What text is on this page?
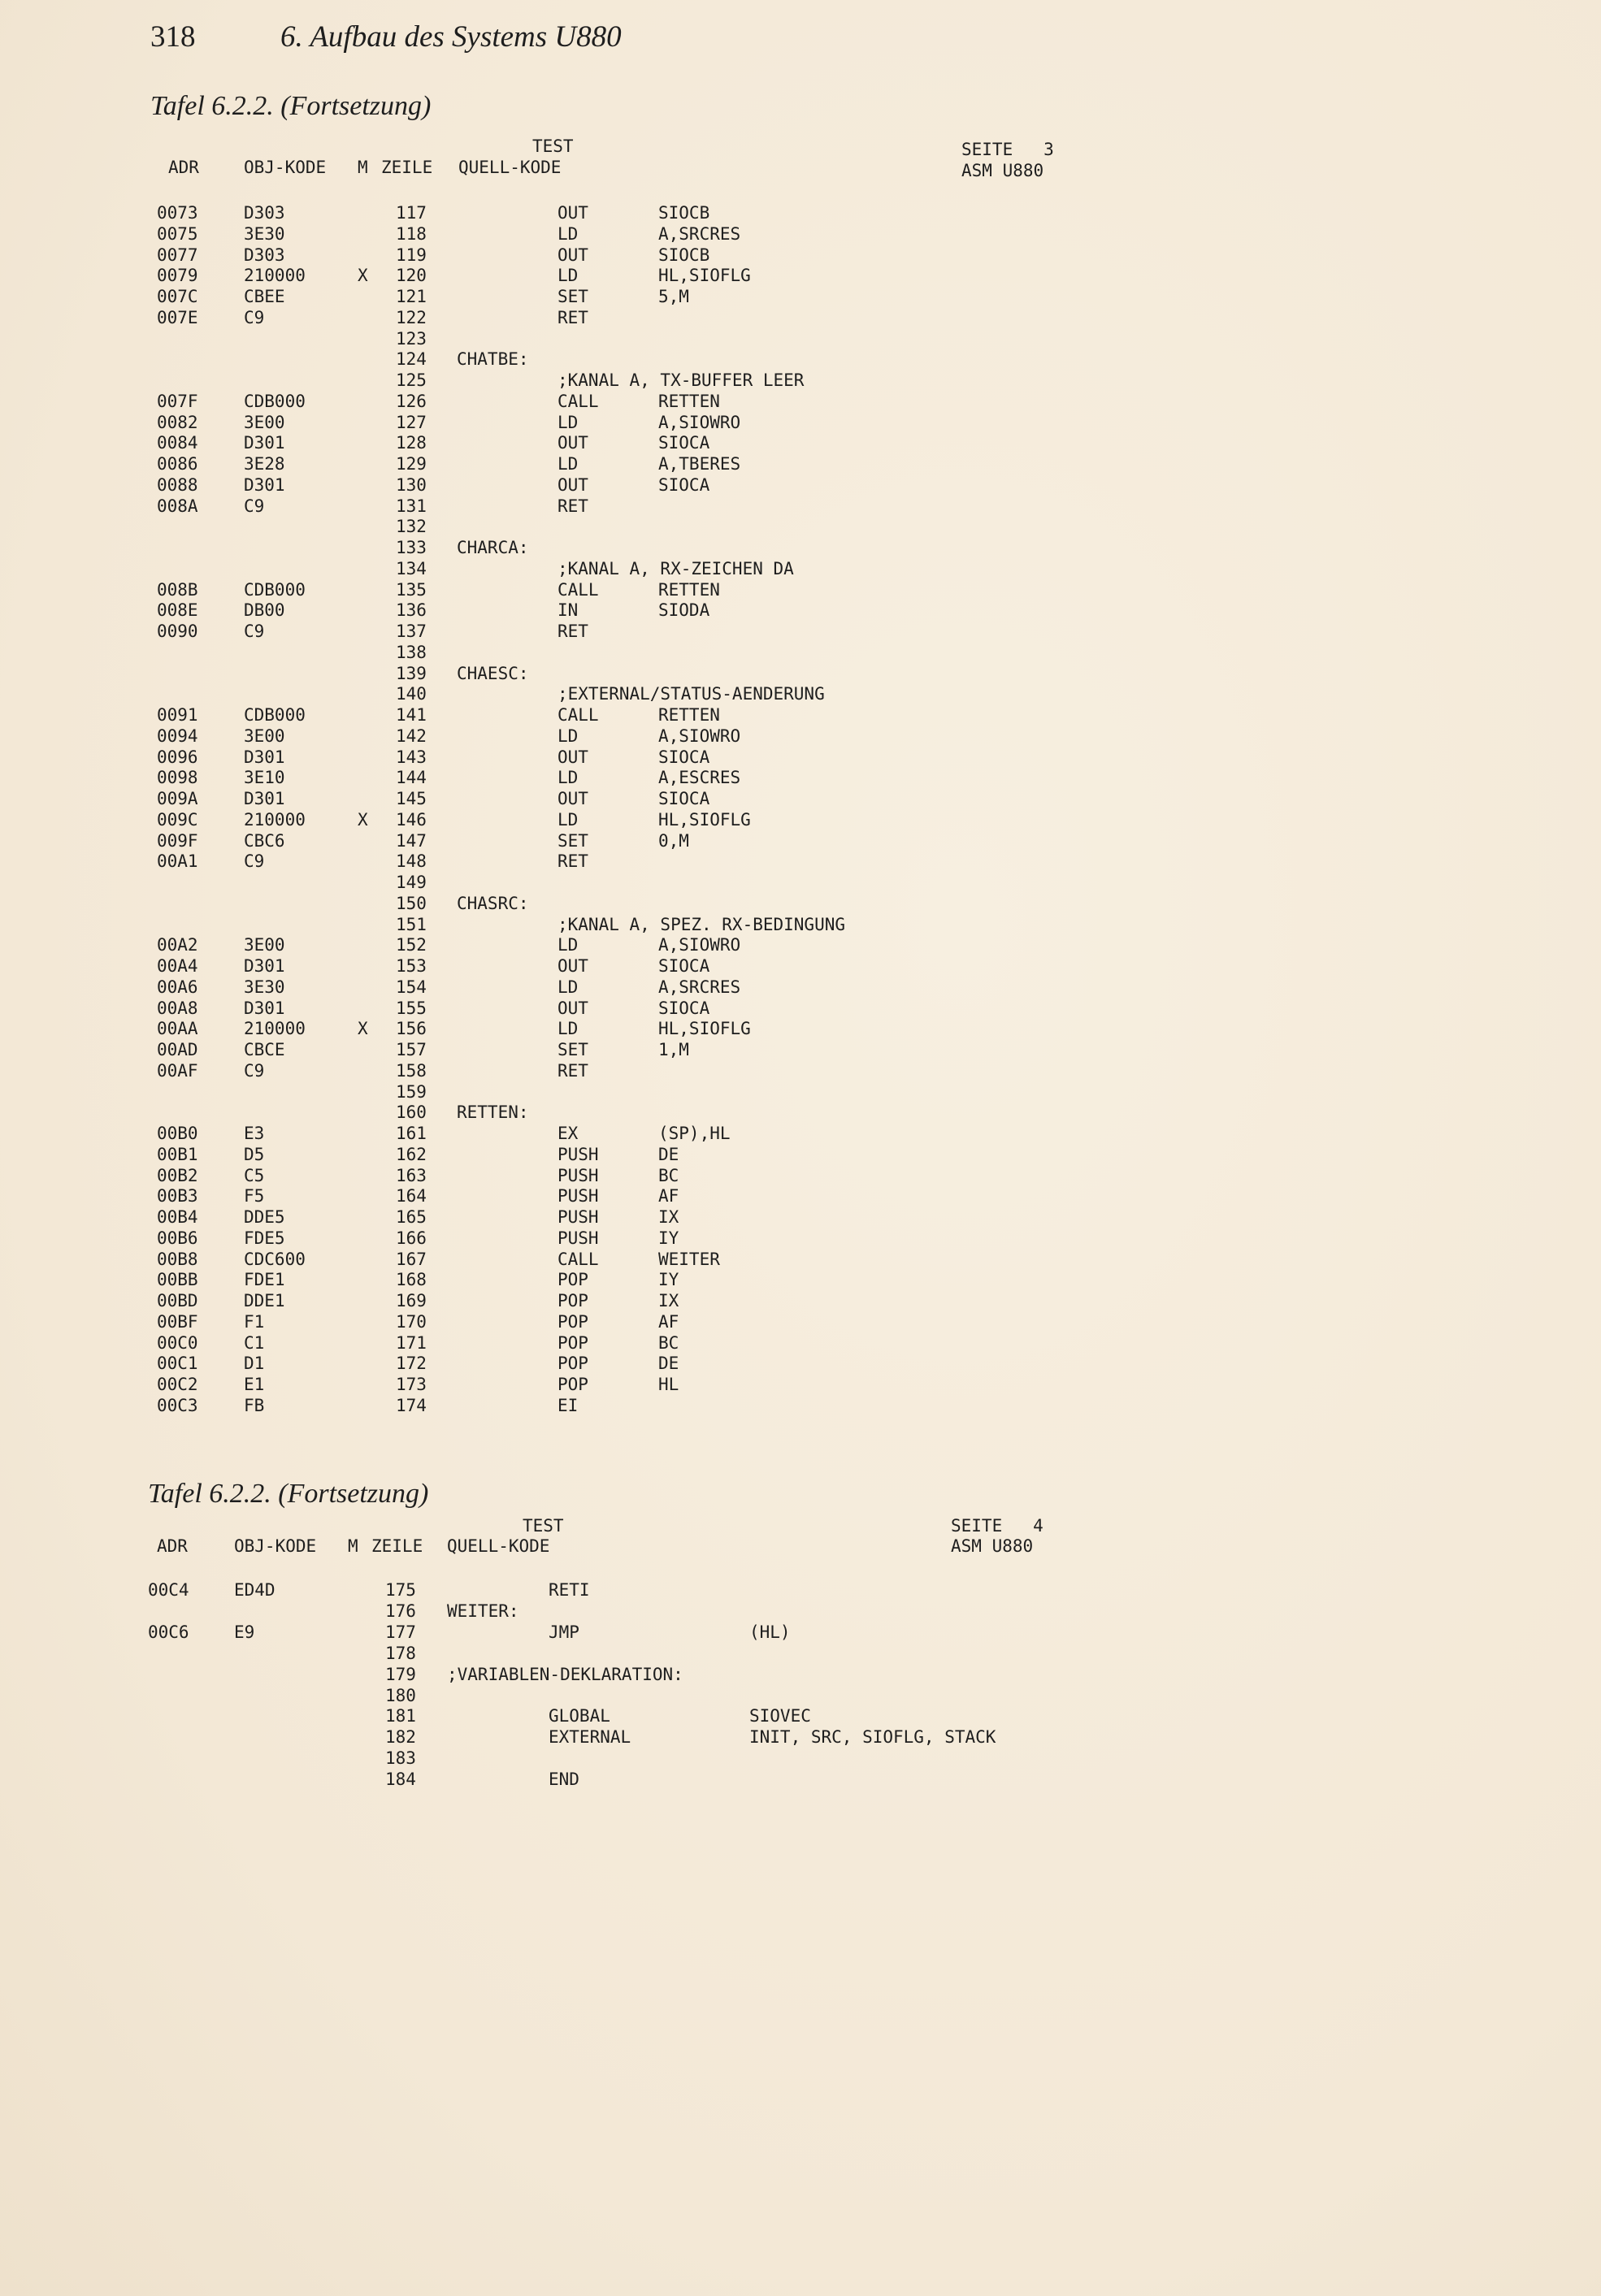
318	6. Aufbau des Systems U880
Tafel 6.2.2. (Fortsetzung)
TEST	SEITE   3
ADR	OBJ-KODE M ZEILE QUELL-KODE	ASM U880
0073	D303	117	OUT	SIOCB
0075	3E30	118	LD	A,SRCRES
0077	D303	119	OUT	SIOCB
0079	210000	X 120	LD	HL,SIOFLG
007C	CBEE	121	SET	5,M
007E	C9	122	RET
123
124 CHATBE:
125	;KANAL A, TX-BUFFER LEER
007F	CDB000	126	CALL	RETTEN
0082	3E00	127	LD	A,SIOWRO
0084	D301	128	OUT	SIOCA
0086	3E28	129	LD	A,TBERES
0088	D301	130	OUT	SIOCA
008A	C9	131	RET
132
133 CHARCA:
134	;KANAL A, RX-ZEICHEN DA
008B	CDB000	135	CALL	RETTEN
008E	DB00	136	IN	SIODA
0090	C9	137	RET
138
139 CHAESC:
140	;EXTERNAL/STATUS-AENDERUNG
0091	CDB000	141	CALL	RETTEN
0094	3E00	142	LD	A,SIOWRO
0096	D301	143	OUT	SIOCA
0098	3E10	144	LD	A,ESCRES
009A	D301	145	OUT	SIOCA
009C	210000	X 146	LD	HL,SIOFLG
009F	CBC6	147	SET	0,M
00A1	C9	148	RET
149
150 CHASRC:
151	;KANAL A, SPEZ. RX-BEDINGUNG
00A2	3E00	152	LD	A,SIOWRO
00A4	D301	153	OUT	SIOCA
00A6	3E30	154	LD	A,SRCRES
00A8	D301	155	OUT	SIOCA
00AA	210000	X 156	LD	HL,SIOFLG
00AD	CBCE	157	SET	1,M
00AF	C9	158	RET
159
160 RETTEN:
00B0	E3	161	EX	(SP),HL
00B1	D5	162	PUSH	DE
00B2	C5	163	PUSH	BC
00B3	F5	164	PUSH	AF
00B4	DDE5	165	PUSH	IX
00B6	FDE5	166	PUSH	IY
00B8	CDC600	167	CALL	WEITER
00BB	FDE1	168	POP	IY
00BD	DDE1	169	POP	IX
00BF	F1	170	POP	AF
00C0	C1	171	POP	BC
00C1	D1	172	POP	DE
00C2	E1	173	POP	HL
00C3	FB	174	EI
Tafel 6.2.2. (Fortsetzung)
TEST	SEITE   4
ADR	OBJ-KODE M ZEILE QUELL-KODE	ASM U880
00C4	ED4D	175	RETI
176 WEITER:
00C6	E9	177	JMP	(HL)
178
179 ;VARIABLEN-DEKLARATION:
180
181	GLOBAL	SIOVEC
182	EXTERNAL	INIT, SRC, SIOFLG, STACK
183
184	END
